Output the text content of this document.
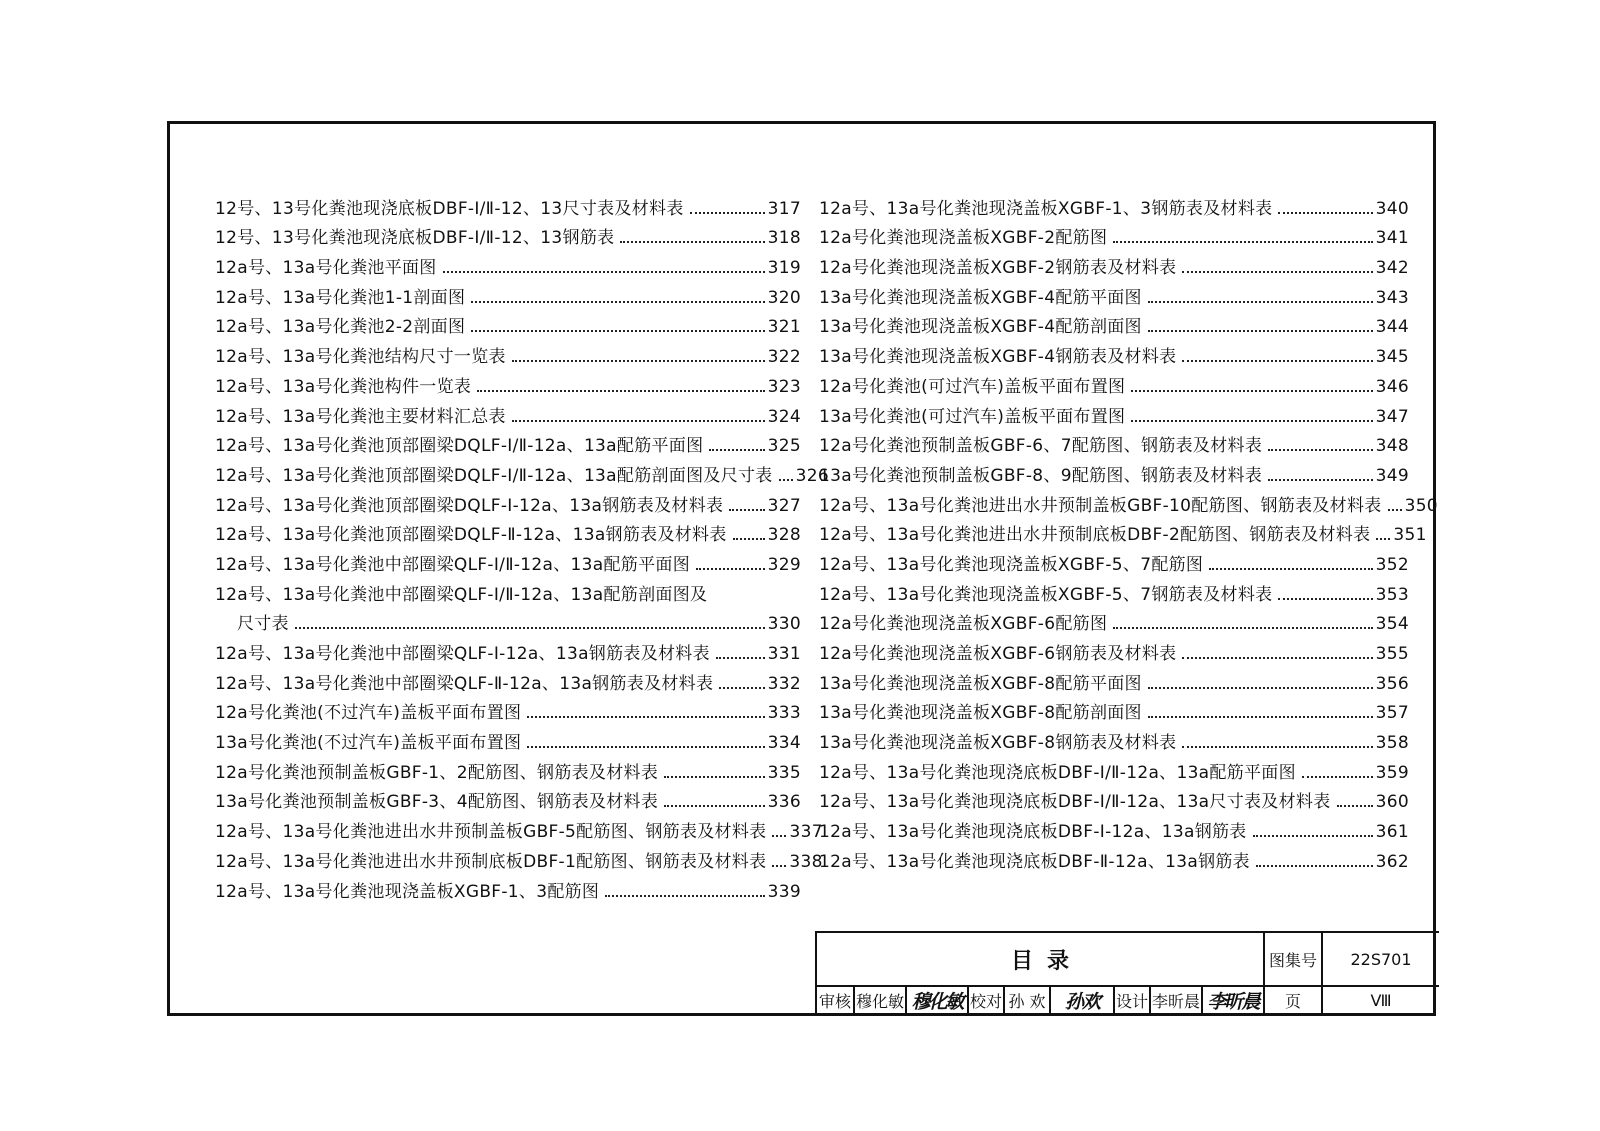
12号、13号化粪池现浇底板DBF-Ⅰ/Ⅱ-12、13尺寸表及材料表	317
12号、13号化粪池现浇底板DBF-Ⅰ/Ⅱ-12、13钢筋表	318
12a号、13a号化粪池平面图	319
12a号、13a号化粪池1-1剖面图	320
12a号、13a号化粪池2-2剖面图	321
12a号、13a号化粪池结构尺寸一览表	322
12a号、13a号化粪池构件一览表	323
12a号、13a号化粪池主要材料汇总表	324
12a号、13a号化粪池顶部圈梁DQLF-Ⅰ/Ⅱ-12a、13a配筋平面图	325
12a号、13a号化粪池顶部圈梁DQLF-Ⅰ/Ⅱ-12a、13a配筋剖面图及尺寸表 326
12a号、13a号化粪池顶部圈梁DQLF-Ⅰ-12a、13a钢筋表及材料表	327
12a号、13a号化粪池顶部圈梁DQLF-Ⅱ-12a、13a钢筋表及材料表 328
12a号、13a号化粪池中部圈梁QLF-Ⅰ/Ⅱ-12a、13a配筋平面图	329
12a号、13a号化粪池中部圈梁QLF-Ⅰ/Ⅱ-12a、13a配筋剖面图及
尺寸表	330
12a号、13a号化粪池中部圈梁QLF-Ⅰ-12a、13a钢筋表及材料表	331
12a号、13a号化粪池中部圈梁QLF-Ⅱ-12a、13a钢筋表及材料表	332
12a号化粪池(不过汽车)盖板平面布置图	333
13a号化粪池(不过汽车)盖板平面布置图	334
12a号化粪池预制盖板GBF-1、2配筋图、钢筋表及材料表	335
13a号化粪池预制盖板GBF-3、4配筋图、钢筋表及材料表	336
12a号、13a号化粪池进出水井预制盖板GBF-5配筋图、钢筋表及材料表 337
12a号、13a号化粪池进出水井预制底板DBF-1配筋图、钢筋表及材料表 338
12a号、13a号化粪池现浇盖板XGBF-1、3配筋图	339
12a号、13a号化粪池现浇盖板XGBF-1、3钢筋表及材料表	340
12a号化粪池现浇盖板XGBF-2配筋图	341
12a号化粪池现浇盖板XGBF-2钢筋表及材料表	342
13a号化粪池现浇盖板XGBF-4配筋平面图	343
13a号化粪池现浇盖板XGBF-4配筋剖面图	344
13a号化粪池现浇盖板XGBF-4钢筋表及材料表	345
12a号化粪池(可过汽车)盖板平面布置图	346
13a号化粪池(可过汽车)盖板平面布置图	347
12a号化粪池预制盖板GBF-6、7配筋图、钢筋表及材料表	348
13a号化粪池预制盖板GBF-8、9配筋图、钢筋表及材料表	349
12a号、13a号化粪池进出水井预制盖板GBF-10配筋图、钢筋表及材料表 350
12a号、13a号化粪池进出水井预制底板DBF-2配筋图、钢筋表及材料表 351
12a号、13a号化粪池现浇盖板XGBF-5、7配筋图	352
12a号、13a号化粪池现浇盖板XGBF-5、7钢筋表及材料表	353
12a号化粪池现浇盖板XGBF-6配筋图	354
12a号化粪池现浇盖板XGBF-6钢筋表及材料表	355
13a号化粪池现浇盖板XGBF-8配筋平面图	356
13a号化粪池现浇盖板XGBF-8配筋剖面图	357
13a号化粪池现浇盖板XGBF-8钢筋表及材料表	358
12a号、13a号化粪池现浇底板DBF-Ⅰ/Ⅱ-12a、13a配筋平面图	359
12a号、13a号化粪池现浇底板DBF-Ⅰ/Ⅱ-12a、13a尺寸表及材料表	360
12a号、13a号化粪池现浇底板DBF-Ⅰ-12a、13a钢筋表	361
12a号、13a号化粪池现浇底板DBF-Ⅱ-12a、13a钢筋表	362
目录	图集号 22S701
审核 穆化敏 穆化敏 校对 孙 欢 孙欢 设计 李昕晨 李昕晨 页	Ⅷ
